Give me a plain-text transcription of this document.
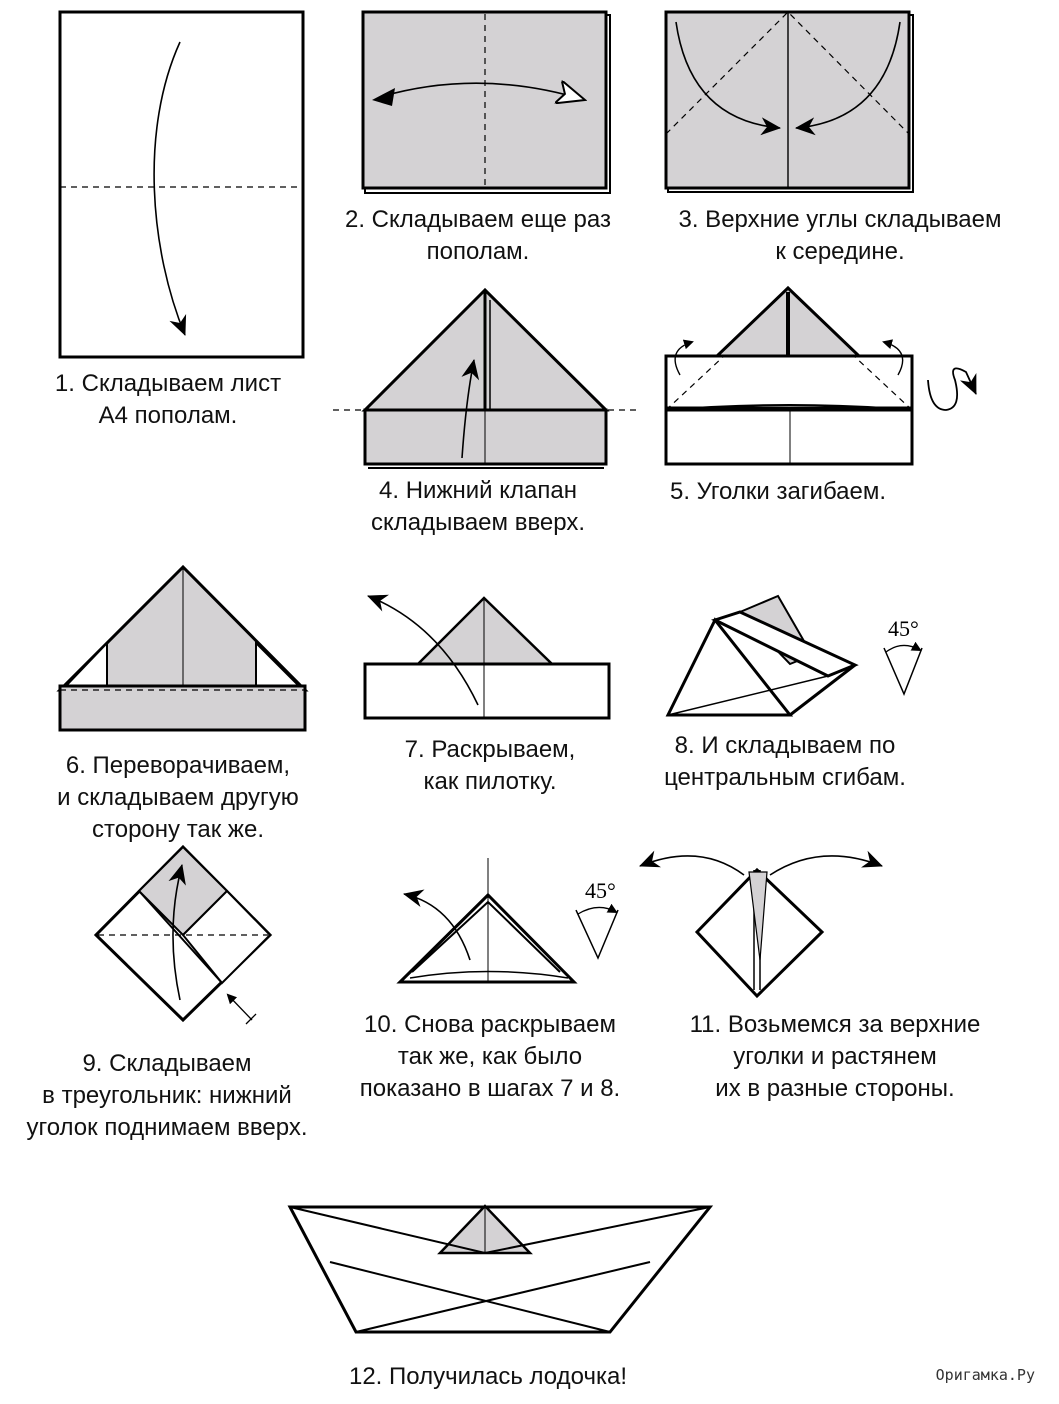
45°
45°
1. Складываем лист
А4 пополам.
2. Складываем еще раз
пополам.
3. Верхние углы складываем
к середине.
4. Нижний клапан
складываем вверх.
5. Уголки загибаем.
6. Переворачиваем,
и складываем другую
сторону так же.
7. Раскрываем,
как пилотку.
8. И складываем по
центральным сгибам.
9. Складываем
в треугольник: нижний
уголок поднимаем вверх.
10. Снова раскрываем
так же, как было
показано в шагах 7 и 8.
11. Возьмемся за верхние
уголки и растянем
их в разные стороны.
12. Получилась лодочка!	Оригамка.Ру
